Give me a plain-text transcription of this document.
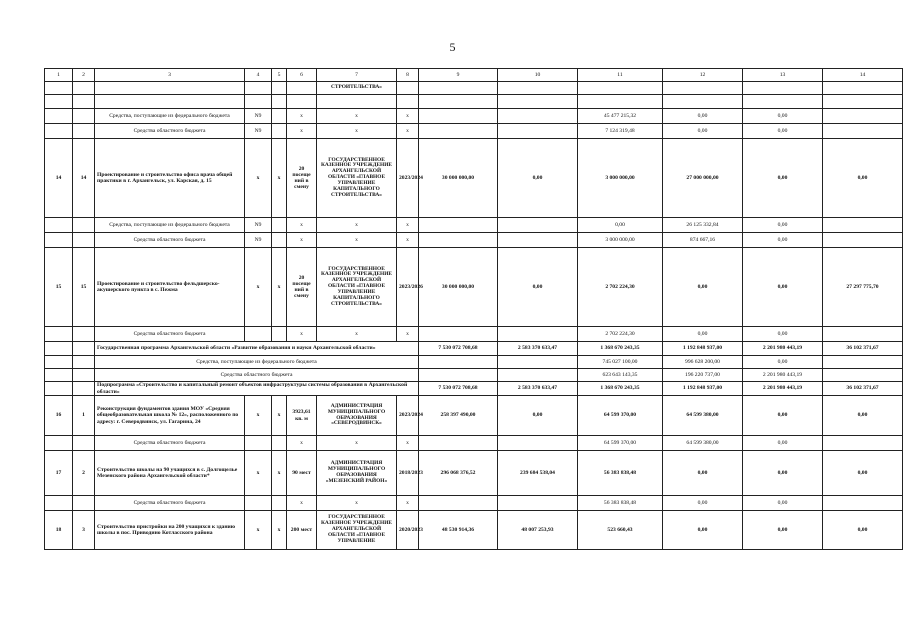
5
1	2	3	4	5	6	7	8	9	10	11	12	13	14
						СТРОИТЕЛЬСТВА»							

		Средства, поступающие из федерального бюджета	N9		x	x	x			45 477 215,32	0,00	0,00	
		Средства областного бюджета	N9		x	x	x			7 124 319,48	0,00	0,00	
14	14	Проектирование и строительство офиса врача общей практики в г. Архангельск, ул. Карская, д. 15	x	x	20 посеще ний в смену	ГОСУДАРСТВЕННОЕ КАЗЕННОЕ УЧРЕЖДЕНИЕ АРХАНГЕЛЬСКОЙ ОБЛАСТИ «ГЛАВНОЕ УПРАВЛЕНИЕ КАПИТАЛЬНОГО СТРОИТЕЛЬСТВА»	2023/2024	30 000 000,00	0,00	3 000 000,00	27 000 000,00	0,00	0,00
		Средства, поступающие из федерального бюджета	N9		x	x	x			0,00	26 125 332,84	0,00	
		Средства областного бюджета	N9		x	x	x			3 000 000,00	874 667,16	0,00	
15	15	Проектирование и строительство фельдшерско-акушерского пункта в с. Пежма	x	x	20 посеще ний в смену	ГОСУДАРСТВЕННОЕ КАЗЕННОЕ УЧРЕЖДЕНИЕ АРХАНГЕЛЬСКОЙ ОБЛАСТИ «ГЛАВНОЕ УПРАВЛЕНИЕ КАПИТАЛЬНОГО СТРОИТЕЛЬСТВА»	2023/2026	30 000 000,00	0,00	2 702 224,30	0,00	0,00	27 297 775,70
		Средства областного бюджета			x	x	x			2 702 224,30	0,00	0,00	
		Государственная программа Архангельской области «Развитие образования и науки Архангельской области»						7 530 072 708,68	2 583 370 633,47	1 368 670 243,35	1 192 848 937,00	2 201 980 443,19	36 102 371,67
		Средства, поступающие из федерального бюджета								745 027 100,00	996 628 200,00	0,00	
		Средства областного бюджета								623 643 143,35	196 220 737,00	2 201 980 443,19	
		Подпрограмма «Строительство и капитальный ремонт объектов инфраструктуры системы образования в Архангельской области»						7 530 072 708,68	2 583 370 633,47	1 368 670 243,35	1 192 848 937,00	2 201 980 443,19	36 102 371,67
16	1	Реконструкция фундаментов здания МОУ «Средняя общеобразовательная школа № 12», расположенного по адресу: г. Северодвинск, ул. Гагарина, 24	x	x	3923,61 кв. м	АДМИНИСТРАЦИЯ МУНИЦИПАЛЬНОГО ОБРАЗОВАНИЯ «СЕВЕРОДВИНСК»	2023/2024	258 397 490,00	0,00	64 599 370,00	64 599 380,00	0,00	0,00
		Средства областного бюджета			x	x	x			64 599 370,00	64 599 380,00	0,00	
17	2	Строительство школы на 90 учащихся в с. Долгощелье Мезенского района Архангельской области*	x	x	90 мест	АДМИНИСТРАЦИЯ МУНИЦИПАЛЬНОГО ОБРАЗОВАНИЯ «МЕЗЕНСКИЙ РАЙОН»	2018/2023	296 068 376,52	239 684 538,04	56 383 838,48	0,00	0,00	0,00
		Средства областного бюджета			x	x	x			56 383 838,48	0,00	0,00	
18	3	Строительство пристройки на 200 учащихся к зданию школы в пос. Приводино Котласского района	x	x	200 мест	ГОСУДАРСТВЕННОЕ КАЗЕННОЕ УЧРЕЖДЕНИЕ АРХАНГЕЛЬСКОЙ ОБЛАСТИ «ГЛАВНОЕ УПРАВЛЕНИЕ	2020/2023	48 530 914,36	48 007 253,93	523 660,43	0,00	0,00	0,00
